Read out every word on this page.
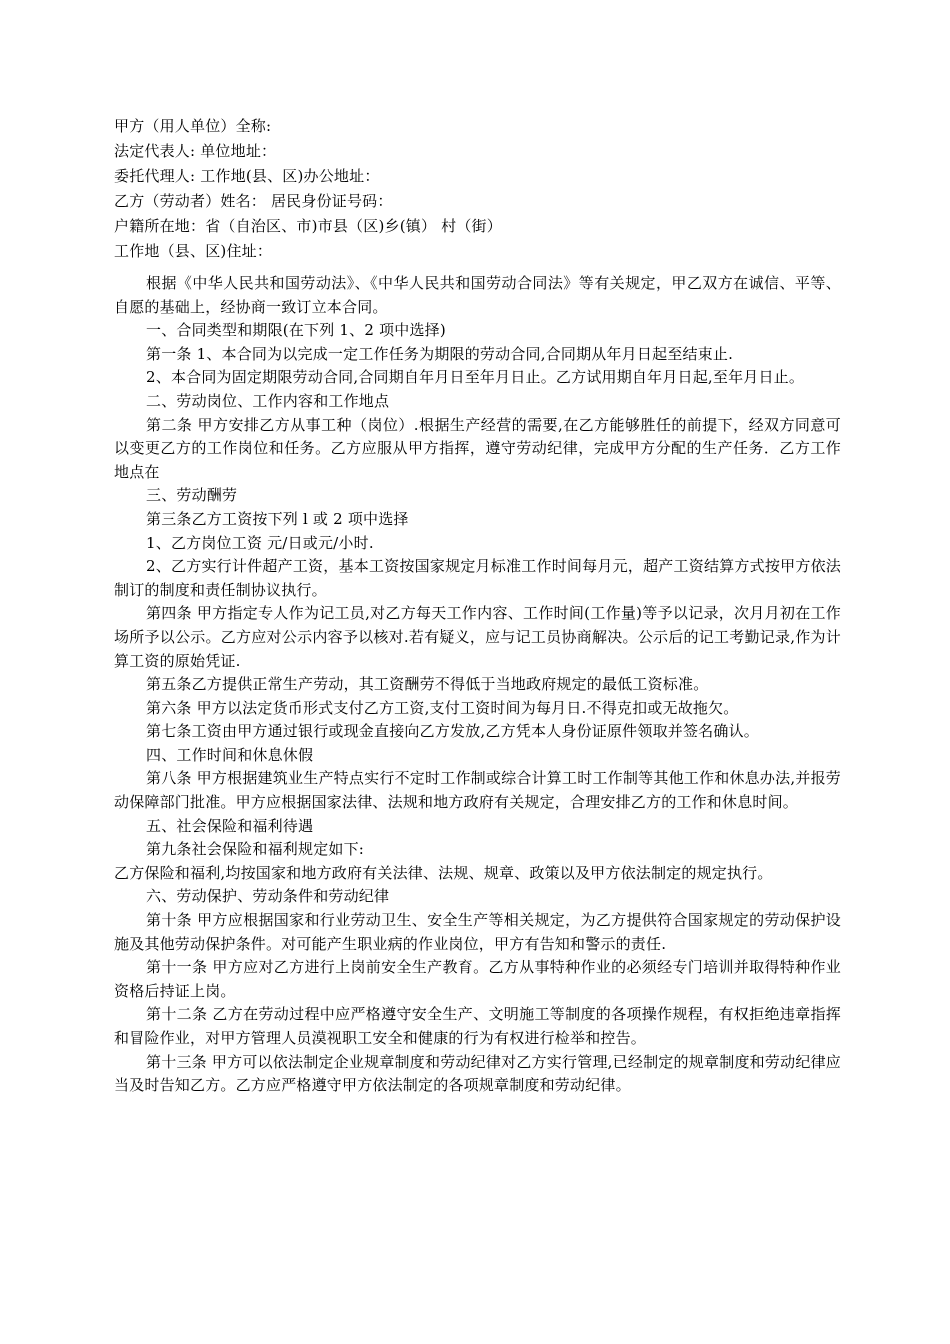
甲方（用人单位）全称:

法定代表人: 单位地址：

委托代理人: 工作地(县、区)办公地址：

乙方（劳动者）姓名： 居民身份证号码：

户籍所在地：省（自治区、市)市县（区)乡(镇） 村（街）

工作地（县、区)住址：

根据《中华人民共和国劳动法》、《中华人民共和国劳动合同法》等有关规定，甲乙双方在诚信、平等、自愿的基础上，经协商一致订立本合同。

一、合同类型和期限(在下列 1、2 项中选择)

第一条 1、本合同为以完成一定工作任务为期限的劳动合同,合同期从年月日起至结束止.

2、本合同为固定期限劳动合同,合同期自年月日至年月日止。乙方试用期自年月日起,至年月日止。

二、劳动岗位、工作内容和工作地点

第二条 甲方安排乙方从事工种（岗位）.根据生产经营的需要,在乙方能够胜任的前提下，经双方同意可以变更乙方的工作岗位和任务。乙方应服从甲方指挥，遵守劳动纪律，完成甲方分配的生产任务．乙方工作地点在

三、劳动酬劳

第三条乙方工资按下列 l 或 2 项中选择

1、乙方岗位工资 元/日或元/小时.

2、乙方实行计件超产工资，基本工资按国家规定月标准工作时间每月元，超产工资结算方式按甲方依法制订的制度和责任制协议执行。

第四条 甲方指定专人作为记工员,对乙方每天工作内容、工作时间(工作量)等予以记录，次月月初在工作场所予以公示。乙方应对公示内容予以核对.若有疑义，应与记工员协商解决。公示后的记工考勤记录,作为计算工资的原始凭证.

第五条乙方提供正常生产劳动，其工资酬劳不得低于当地政府规定的最低工资标准。

第六条 甲方以法定货币形式支付乙方工资,支付工资时间为每月日.不得克扣或无故拖欠。

第七条工资由甲方通过银行或现金直接向乙方发放,乙方凭本人身份证原件领取并签名确认。

四、工作时间和休息休假

第八条 甲方根据建筑业生产特点实行不定时工作制或综合计算工时工作制等其他工作和休息办法,并报劳动保障部门批准。甲方应根据国家法律、法规和地方政府有关规定，合理安排乙方的工作和休息时间。

五、社会保险和福利待遇

第九条社会保险和福利规定如下:

乙方保险和福利,均按国家和地方政府有关法律、法规、规章、政策以及甲方依法制定的规定执行。

六、劳动保护、劳动条件和劳动纪律

第十条 甲方应根据国家和行业劳动卫生、安全生产等相关规定，为乙方提供符合国家规定的劳动保护设施及其他劳动保护条件。对可能产生职业病的作业岗位，甲方有告知和警示的责任.

第十一条 甲方应对乙方进行上岗前安全生产教育。乙方从事特种作业的必须经专门培训并取得特种作业资格后持证上岗。

第十二条 乙方在劳动过程中应严格遵守安全生产、文明施工等制度的各项操作规程，有权拒绝违章指挥和冒险作业，对甲方管理人员漠视职工安全和健康的行为有权进行检举和控告。

第十三条 甲方可以依法制定企业规章制度和劳动纪律对乙方实行管理,已经制定的规章制度和劳动纪律应当及时告知乙方。乙方应严格遵守甲方依法制定的各项规章制度和劳动纪律。
